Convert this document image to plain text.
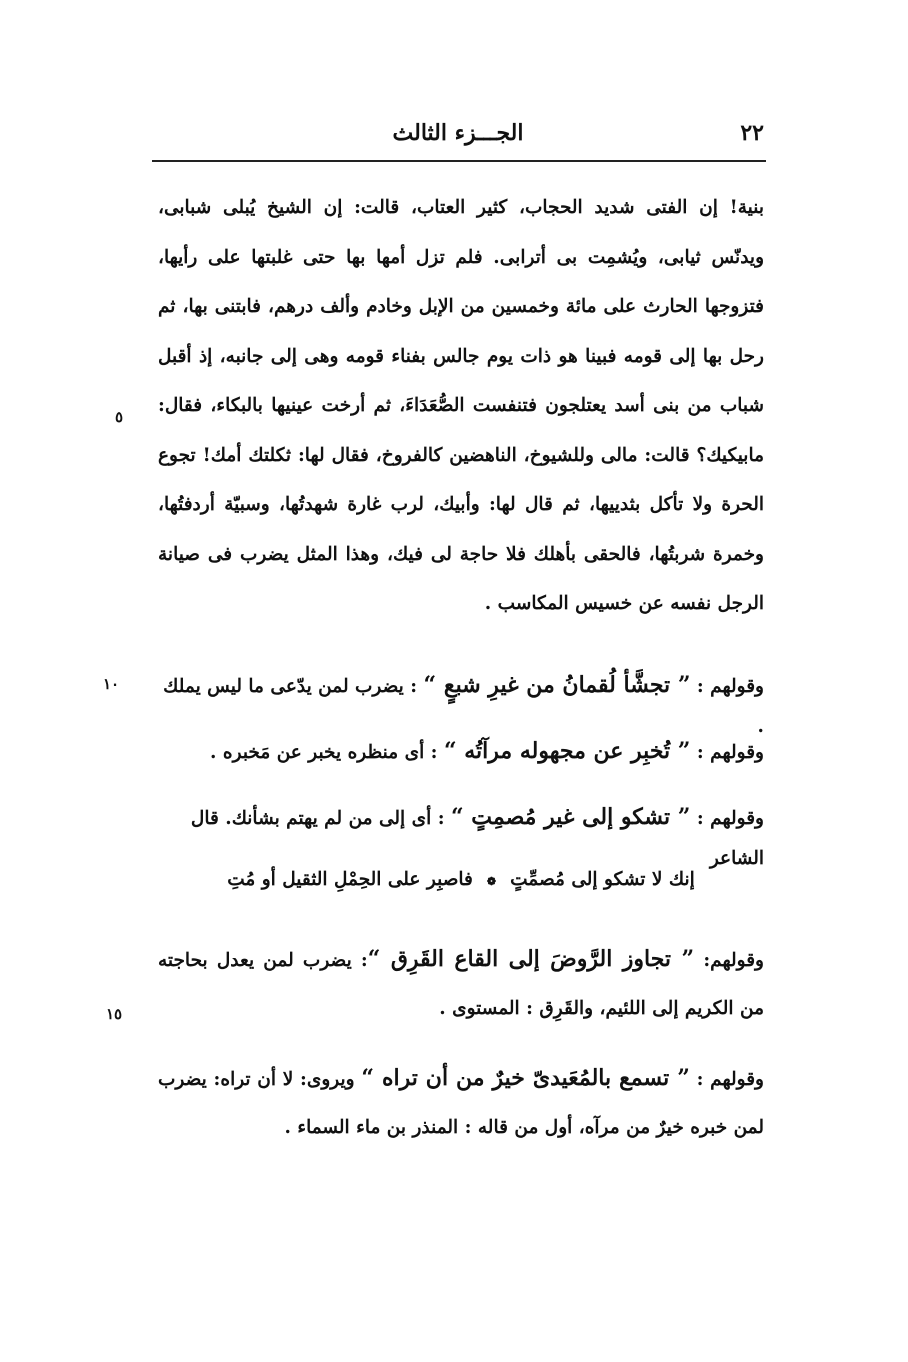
٢٢
الجـــزء الثالث
بنية! إن الفتى شديد الحجاب، كثير العتاب، قالت: إن الشيخ يُبلى شبابى، ويدنّس ثيابى، ويُشمِت بى أترابى. فلم تزل أمها بها حتى غلبتها على رأيها، فتزوجها الحارث على مائة وخمسين من الإبل وخادم وألف درهم، فابتنى بها، ثم رحل بها إلى قومه فبينا هو ذات يوم جالس بفناء قومه وهى إلى جانبه، إذ أقبل شباب من بنى أسد يعتلجون فتنفست الصُّعَدَاءَ، ثم أرخت عينيها بالبكاء، فقال: مابيكيك؟ قالت: مالى وللشيوخ، الناهضين كالفروخ، فقال لها: ثكلتك أمك! تجوع الحرة ولا تأكل بثدييها، ثم قال لها: وأبيك، لرب غارة شهدتُها، وسبيّة أردفتُها، وخمرة شربتُها، فالحقى بأهلك فلا حاجة لى فيك، وهذا المثل يضرب فى صيانة الرجل نفسه عن خسيس المكاسب .
وقولهم : ” تجشَّأ لُقمانُ من غيرِ شبعٍ “ : يضرب لمن يدّعى ما ليس يملك .
وقولهم : ” تُخبِر عن مجهوله مرآتُه “ : أى منظره يخبر عن مَخبره .
وقولهم : ” تشكو إلى غير مُصمِتٍ “ : أى إلى من لم يهتم بشأنك. قال الشاعر
إنك لا تشكو إلى مُصمِّتٍ❁فاصبِر على الحِمْلِ الثقيل أو مُتِ
وقولهم: ” تجاوز الرَّوضَ إلى القاع القَرِق “: يضرب لمن يعدل بحاجته من الكريم إلى اللئيم، والقَرِق : المستوى .
وقولهم : ” تسمع بالمُعَيدىّ خيرٌ من أن تراه “ ويروى: لا أن تراه: يضرب لمن خبره خيرٌ من مرآه، أول من قاله : المنذر بن ماء السماء .
٥
١٠
١٥
